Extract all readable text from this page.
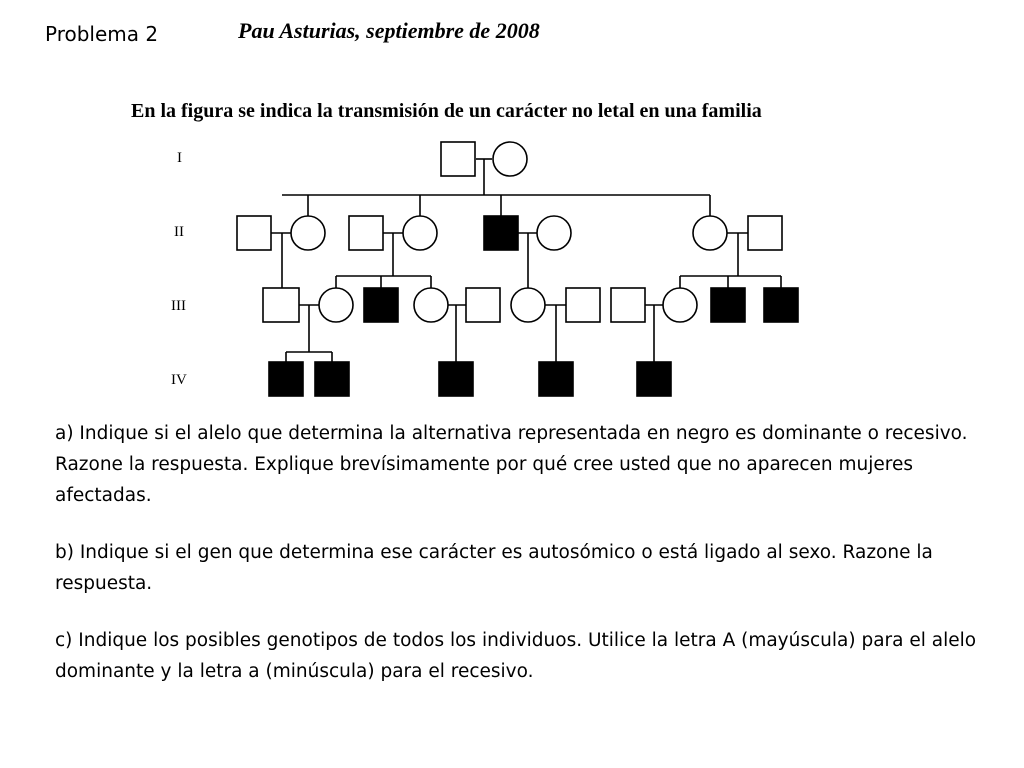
Problema 2	Pau Asturias, septiembre de 2008
En la figura se indica la transmisión de un carácter no letal en una familia
I
II
III
IV

a) Indique si el alelo que determina la alternativa representada en negro es dominante o recesivo. Razone la respuesta. Explique brevísimamente por qué cree usted que no aparecen mujeres afectadas.

b) Indique si el gen que determina ese carácter es autosómico o está ligado al sexo. Razone la respuesta.

c) Indique los posibles genotipos de todos los individuos. Utilice la letra A (mayúscula) para el alelo dominante y la letra a (minúscula) para el recesivo.
